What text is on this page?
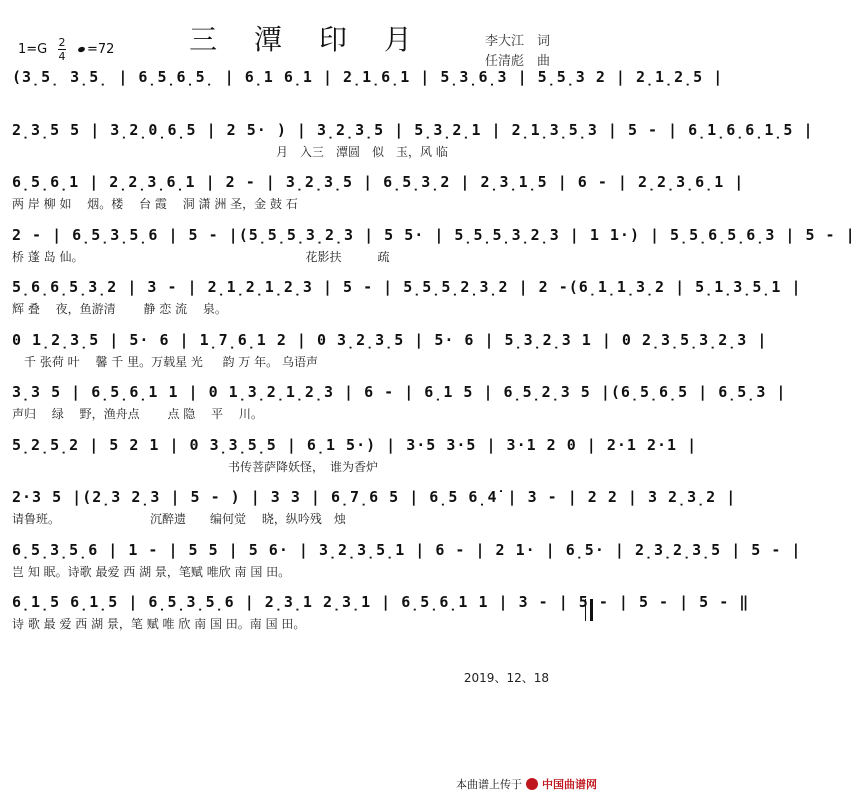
三 潭 印 月	李大江　词
任清彪　曲
1=G 2
4	=72
(3̣5̣ 3̣5̣ | 6̣5̣6̣5̣ | 6̣1 6̣1 | 2̣1̣6̣1 | 5̣3̣6̣3 | 5̣5̣3 2 | 2̣1̣2̣5 |
2̣3̣5 5 | 3̣2̣0̣6̣5 | 2 5· ) | 3̣2̣3̣5 | 5̣3̣2̣1 | 2̣1̣3̣5̣3 | 5 - | 6̣1̣6̣6̣1̣5 |
　　　　　　　　　　　　　　　　　　　　　　月　入三　潭圆　似　玉，风 临
6̣5̣6̣1 | 2̣2̣3̣6̣1 | 2 - | 3̣2̣3̣5 | 6̣5̣3̣2 | 2̣3̣1̣5 | 6 - | 2̣2̣3̣6̣1 |
两 岸 柳 如 　烟。楼 　台 霞 　洞 潇 洲 圣，金 鼓 石
2 - | 6̣5̣3̣5̣6 | 5 - |(5̣5̣5̣3̣2̣3 | 5 5· | 5̣5̣5̣3̣2̣3 | 1 1·) | 5̣5̣6̣5̣6̣3 | 5 - |
桥 蓬 岛 仙。　　　　　　　　　　　　　　　　　　　花影扶　　　疏
5̣6̣6̣5̣3̣2 | 3 - | 2̣1̣2̣1̣2̣3 | 5 - | 5̣5̣5̣2̣3̣2 | 2 -(6̣1̣1̣3̣2 | 5̣1̣3̣5̣1 |
辉 叠 　夜，鱼游清 　　静 恋 流 　泉。
0 1̣2̣3̣5 | 5· 6 | 1̣7̣6̣1 2 | 0 3̣2̣3̣5 | 5· 6 | 5̣3̣2̣3 1 | 0 2̣3̣5̣3̣2̣3 |
　千 张荷 叶　 馨 千 里。万载星 光 　 韵 万 年。 乌语声
3̣3 5 | 6̣5̣6̣1 1 | 0 1̣3̣2̣1̣2̣3 | 6 - | 6̣1 5 | 6̣5̣2̣3 5 |(6̣5̣6̣5 | 6̣5̣3 |
声归 　绿 　野，渔舟点 　　点 隐 　平 　川。
5̣2̣5̣2 | 5 2 1 | 0 3̣3̣5̣5 | 6̣1 5·) | 3·5 3·5 | 3·1 2 0 | 2·1 2·1 |
　　　　　　　　　　　　　　　　　　书传菩萨降妖怪，　谁为香炉
2·3 5 |(2̣3 2̣3 | 5 - ) | 3 3 | 6̣7̣6 5 | 6̣5 6̣4̇ | 3 - | 2 2 | 3 2̣3̣2 |
请鲁班。　　　　　　　　沉醉遗　　编何觉　 晓，纵吟残　烛
6̣5̣3̣5̣6 | 1 - | 5 5 | 5 6· | 3̣2̣3̣5̣1 | 6 - | 2 1· | 6̣5· | 2̣3̣2̣3̣5 | 5 - |
岂 知 眠。诗歌 最爱 西 湖 景，笔赋 唯欣 南 国 田。
6̣1̣5 6̣1̣5 | 6̣5̣3̣5̣6 | 2̣3̣1 2̣3̣1 | 6̣5̣6̣1 1 | 3 - | 5 - | 5 - | 5 - ‖
诗 歌 最 爱 西 湖 景，笔 赋 唯 欣 南 国 田。南 国 田。
2019、12、18
本曲谱上传于 中国曲谱网
